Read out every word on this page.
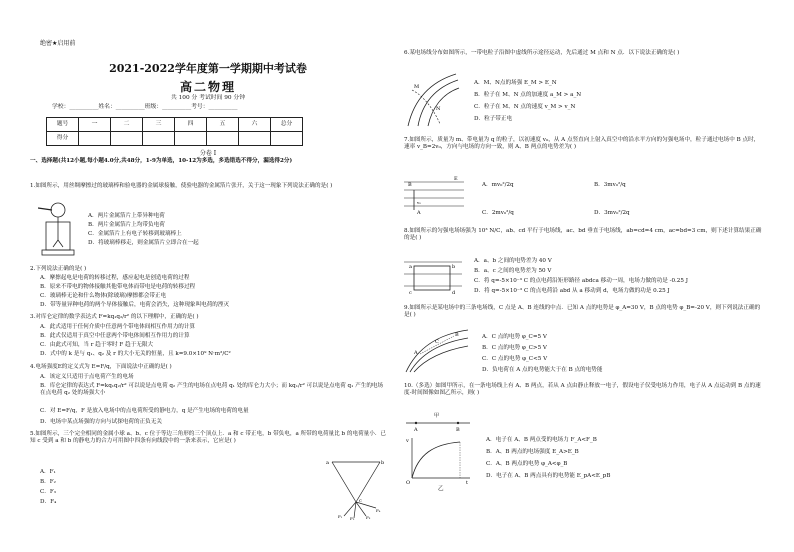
绝密★启用前
2021-2022学年度第一学期期中考试卷
高二物理
共 100 分 考试时间 90 分钟
学校：__________姓名：__________班级：__________考号：__________
题号	一	二	三	四	五	六	总分
得分							
分卷 I
一、选择题(共12小题,每小题4.0分,共48分，1-9为单选，10-12为多选，多选错选不得分，漏选得2分)
1.如图所示，用丝绸摩擦过的玻璃棒和验电器的金属球接触，使验电器的金属箔片张开，关于这一现象下列说法正确的是( )
A．两片金属箔片上带异种电荷
B．两片金属箔片上均带负电荷
C．金属箔片上有电子转移到玻璃棒上
D．将玻璃棒移走，则金属箔片立即合在一起
2.下列说法正确的是( )
A．摩擦起电是电荷的转移过程，感应起电是创造电荷的过程
B．原来不带电的物体接触其他带电体而带电是电荷的转移过程
C．玻璃棒无论和什么物体(除玻璃)摩擦都会带正电
D．带等量异种电荷的两个导体接触后，电荷会消失，这种现象叫电荷的湮灭
3.对库仑定律的数学表达式 F=kq₁q₂/r² 的以下理解中，正确的是( )
A．此式适用于任何介质中任意两个带电体间相互作用力的计算
B．此式仅适用于真空中任意两个带电体间相互作用力的计算
C．由此式可知，当 r 趋于零时 F 趋于无限大
D．式中的 k 是与 q₁、q₂ 及 r 的大小无关的恒量，且 k=9.0×10⁹ N·m²/C²
4.电场强度E的定义式为 E=F/q，下面说法中正确的是( )
A．该定义只适用于点电荷产生的电场
B．库仑定律的表达式 F=kq₁q₂/r² 可以说是点电荷 q₂ 产生的电场在点电荷 q₁ 处的库仑力大小；而 kq₁/r² 可以说是点电荷 q₁ 产生的电场在点电荷 q₂ 处的场强大小
C．对 E=F/q，F 是放入电场中的点电荷所受的静电力，q 是产生电场的电荷的电量
D．电场中某点场强的方向与试探电荷的正负无关
5.如图所示，三个完全相同的金属小球 a、b、c 位于等边三角形的三个顶点上．a 和 c 带正电，b 带负电，a 所带的电荷量比 b 的电荷量小．已知 c 受到 a 和 b 的静电力的合力可用图中四条有向线段中的一条来表示，它应是( )
A．F₁
B．F₂
C．F₃
D．F₄
a	b
c
F₁ F₂	F₃
F₄
6.某电场线分布如图所示，一带电粒子沿图中虚线所示途径运动，先后通过 M 点和 N 点．以下说法正确的是( )
M
N
A．M、N点的场强 E_M > E_N
B．粒子在 M、N 点的加速度 a_M > a_N
C．粒子在 M、N 点的速度 v_M > v_N
D．粒子带正电
7.如图所示，质量为 m、带电量为 q 的粒子，以初速度 v₀，从 A 点竖直向上射入真空中的沿水平方向的匀强电场中，粒子通过电场中 B 点时，速率 v_B=2v₀，方向与电场的方向一致，则 A、B 两点的电势差为( )
B
E
A
v₀
A．mv₀²/2q	B．3mv₀²/q
C．2mv₀²/q	D．3mv₀²/2q
8.如图所示的匀强电场场强为 10³ N/C，ab、cd 平行于电场线，ac、bd 垂直于电场线，ab=cd=4 cm，ac=bd=3 cm，则下述计算结果正确的是( )
a	b
c	d
A．a、b 之间的电势差为 40 V
B．a、c 之间的电势差为 50 V
C．将 q=-5×10⁻³ C 的点电荷沿矩形路径 abdca 移动一周，电场力做的功是 -0.25 J
D．将 q=-5×10⁻³ C 的点电荷沿 abd 从 a 移动到 d，电场力做的功是 0.25 J
9.如图所示是某电场中的三条电场线，C 点是 A、B 连线的中点．已知 A 点的电势是 φ_A=30 V，B 点的电势 φ_B=-20 V，则下列说法正确的是( )
A
C
B	A．C 点的电势 φ_C=5 V
B．C 点的电势 φ_C>5 V
C．C 点的电势 φ_C<5 V
D．负电荷在 A 点的电势能大于在 B 点的电势能
10.（多选）如图甲所示，在一条电场线上有 A、B 两点，若从 A 点由静止释放一电子，假设电子仅受电场力作用，电子从 A 点运动到 B 点的速度-时间图像如图乙所示，则( )
A	B
甲
v
t
O
乙
A．电子在 A、B 两点受的电场力 F_A<F_B
B．A、B 两点的电场强度 E_A>E_B
C．A、B 两点的电势 φ_A<φ_B
D．电子在 A、B 两点具有的电势能 E_pA<E_pB
